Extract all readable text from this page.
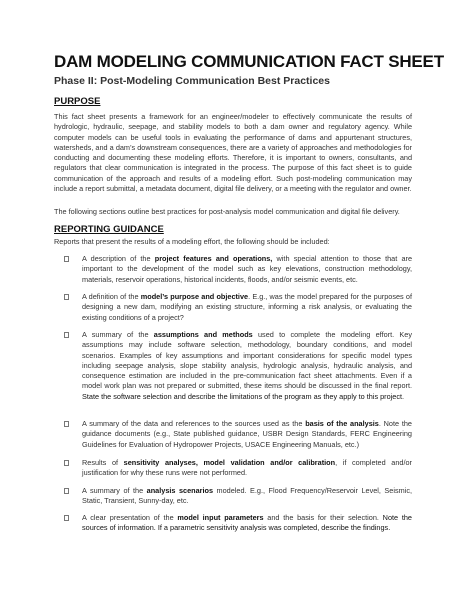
DAM MODELING COMMUNICATION FACT SHEET
Phase II: Post-Modeling Communication Best Practices
PURPOSE
This fact sheet presents a framework for an engineer/modeler to effectively communicate the results of hydrologic, hydraulic, seepage, and stability models to both a dam owner and regulatory agency. While computer models can be useful tools in evaluating the performance of dams and appurtenant structures, watersheds, and a dam’s downstream consequences, there are a variety of approaches and methodologies for conducting and documenting these modeling efforts. Therefore, it is important to owners, consultants, and regulators that clear communication is integrated in the process. The purpose of this fact sheet is to guide communication of the approach and results of a modeling effort. Such post-modeling communication may include a report submittal, a metadata document, digital file delivery, or a meeting with the regulator and owner.
The following sections outline best practices for post-analysis model communication and digital file delivery.
REPORTING GUIDANCE
Reports that present the results of a modeling effort, the following should be included:
A description of the project features and operations, with special attention to those that are important to the development of the model such as key elevations, construction methodology, materials, reservoir operations, historical incidents, floods, and/or seismic events, etc.
A definition of the model’s purpose and objective. E.g., was the model prepared for the purposes of designing a new dam, modifying an existing structure, informing a risk analysis, or evaluating the existing conditions of a project?
A summary of the assumptions and methods used to complete the modeling effort. Key assumptions may include software selection, methodology, boundary conditions, and model scenarios. Examples of key assumptions and important considerations for specific model types including seepage analysis, slope stability analysis, hydrologic analysis, hydraulic analysis, and consequence estimation are included in the pre-communication fact sheet attachments. Even if a model work plan was not prepared or submitted, these items should be discussed in the final report. State the software selection and describe the limitations of the program as they apply to this project.
A summary of the data and references to the sources used as the basis of the analysis. Note the guidance documents (e.g., State published guidance, USBR Design Standards, FERC Engineering Guidelines for Evaluation of Hydropower Projects, USACE Engineering Manuals, etc.)
Results of sensitivity analyses, model validation and/or calibration, if completed and/or justification for why these runs were not performed.
A summary of the analysis scenarios modeled. E.g., Flood Frequency/Reservoir Level, Seismic, Static, Transient, Sunny-day, etc.
A clear presentation of the model input parameters and the basis for their selection. Note the sources of information. If a parametric sensitivity analysis was completed, describe the findings.
